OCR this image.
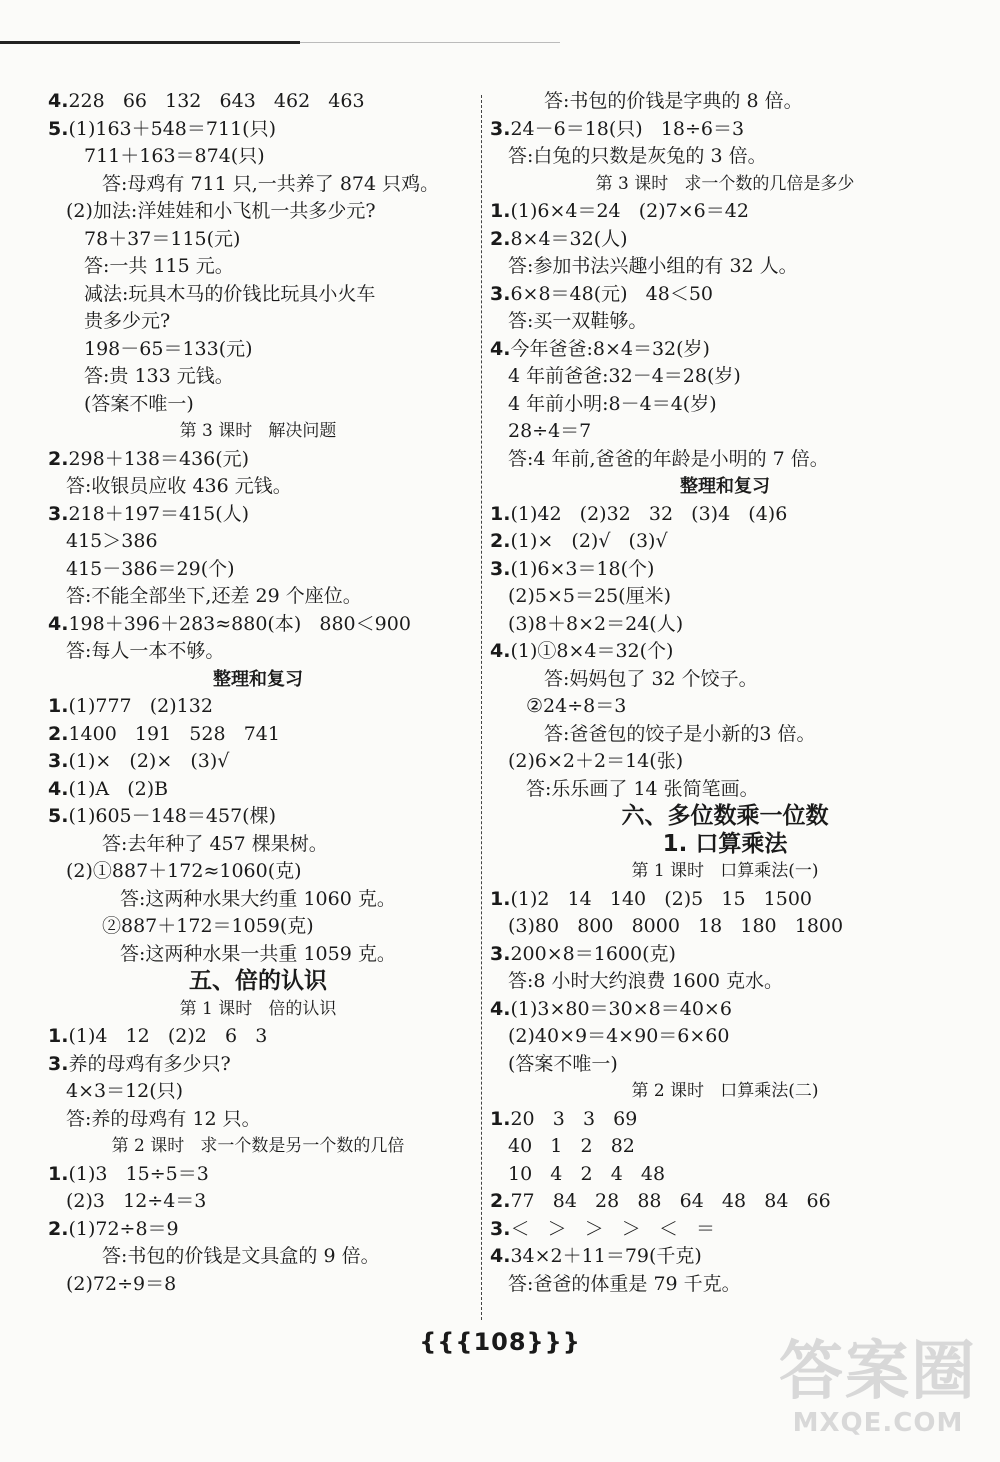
4.228   66   132   643   462   463
5.(1)163＋548＝711(只)
711＋163＝874(只)
答:母鸡有 711 只,一共养了 874 只鸡。
(2)加法:洋娃娃和小飞机一共多少元?
78＋37＝115(元)
答:一共 115 元。
减法:玩具木马的价钱比玩具小火车
贵多少元?
198－65＝133(元)
答:贵 133 元钱。
(答案不唯一)
第 3 课时   解决问题
2.298＋138＝436(元)
答:收银员应收 436 元钱。
3.218＋197＝415(人)
415＞386
415－386＝29(个)
答:不能全部坐下,还差 29 个座位。
4.198＋396＋283≈880(本)   880＜900
答:每人一本不够。
整理和复习
1.(1)777   (2)132
2.1400   191   528   741
3.(1)×   (2)×   (3)√
4.(1)A   (2)B
5.(1)605－148＝457(棵)
答:去年种了 457 棵果树。
(2)①887＋172≈1060(克)
答:这两种水果大约重 1060 克。
②887＋172＝1059(克)
答:这两种水果一共重 1059 克。
五、倍的认识
第 1 课时   倍的认识
1.(1)4   12   (2)2   6   3
3.养的母鸡有多少只?
4×3＝12(只)
答:养的母鸡有 12 只。
第 2 课时   求一个数是另一个数的几倍
1.(1)3   15÷5＝3
(2)3   12÷4＝3
2.(1)72÷8＝9
答:书包的价钱是文具盒的 9 倍。
(2)72÷9＝8
答:书包的价钱是字典的 8 倍。
3.24－6＝18(只)   18÷6＝3
答:白兔的只数是灰兔的 3 倍。
第 3 课时   求一个数的几倍是多少
1.(1)6×4＝24   (2)7×6＝42
2.8×4＝32(人)
答:参加书法兴趣小组的有 32 人。
3.6×8＝48(元)   48＜50
答:买一双鞋够。
4.今年爸爸:8×4＝32(岁)
4 年前爸爸:32－4＝28(岁)
4 年前小明:8－4＝4(岁)
28÷4＝7
答:4 年前,爸爸的年龄是小明的 7 倍。
整理和复习
1.(1)42   (2)32   32   (3)4   (4)6
2.(1)×   (2)√   (3)√
3.(1)6×3＝18(个)
(2)5×5＝25(厘米)
(3)8＋8×2＝24(人)
4.(1)①8×4＝32(个)
答:妈妈包了 32 个饺子。
②24÷8＝3
答:爸爸包的饺子是小新的3 倍。
(2)6×2＋2＝14(张)
答:乐乐画了 14 张简笔画。
六、多位数乘一位数
1. 口算乘法
第 1 课时   口算乘法(一)
1.(1)2   14   140   (2)5   15   1500
(3)80   800   8000   18   180   1800
3.200×8＝1600(克)
答:8 小时大约浪费 1600 克水。
4.(1)3×80＝30×8＝40×6
(2)40×9＝4×90＝6×60
(答案不唯一)
第 2 课时   口算乘法(二)
1.20   3   3   69
40   1   2   82
10   4   2   4   48
2.77   84   28   88   64   48   84   66
3.＜   ＞   ＞   ＞   ＜   ＝
4.34×2＋11＝79(千克)
答:爸爸的体重是 79 千克。
{{{108}}}	答案圈
MXQE.COM
